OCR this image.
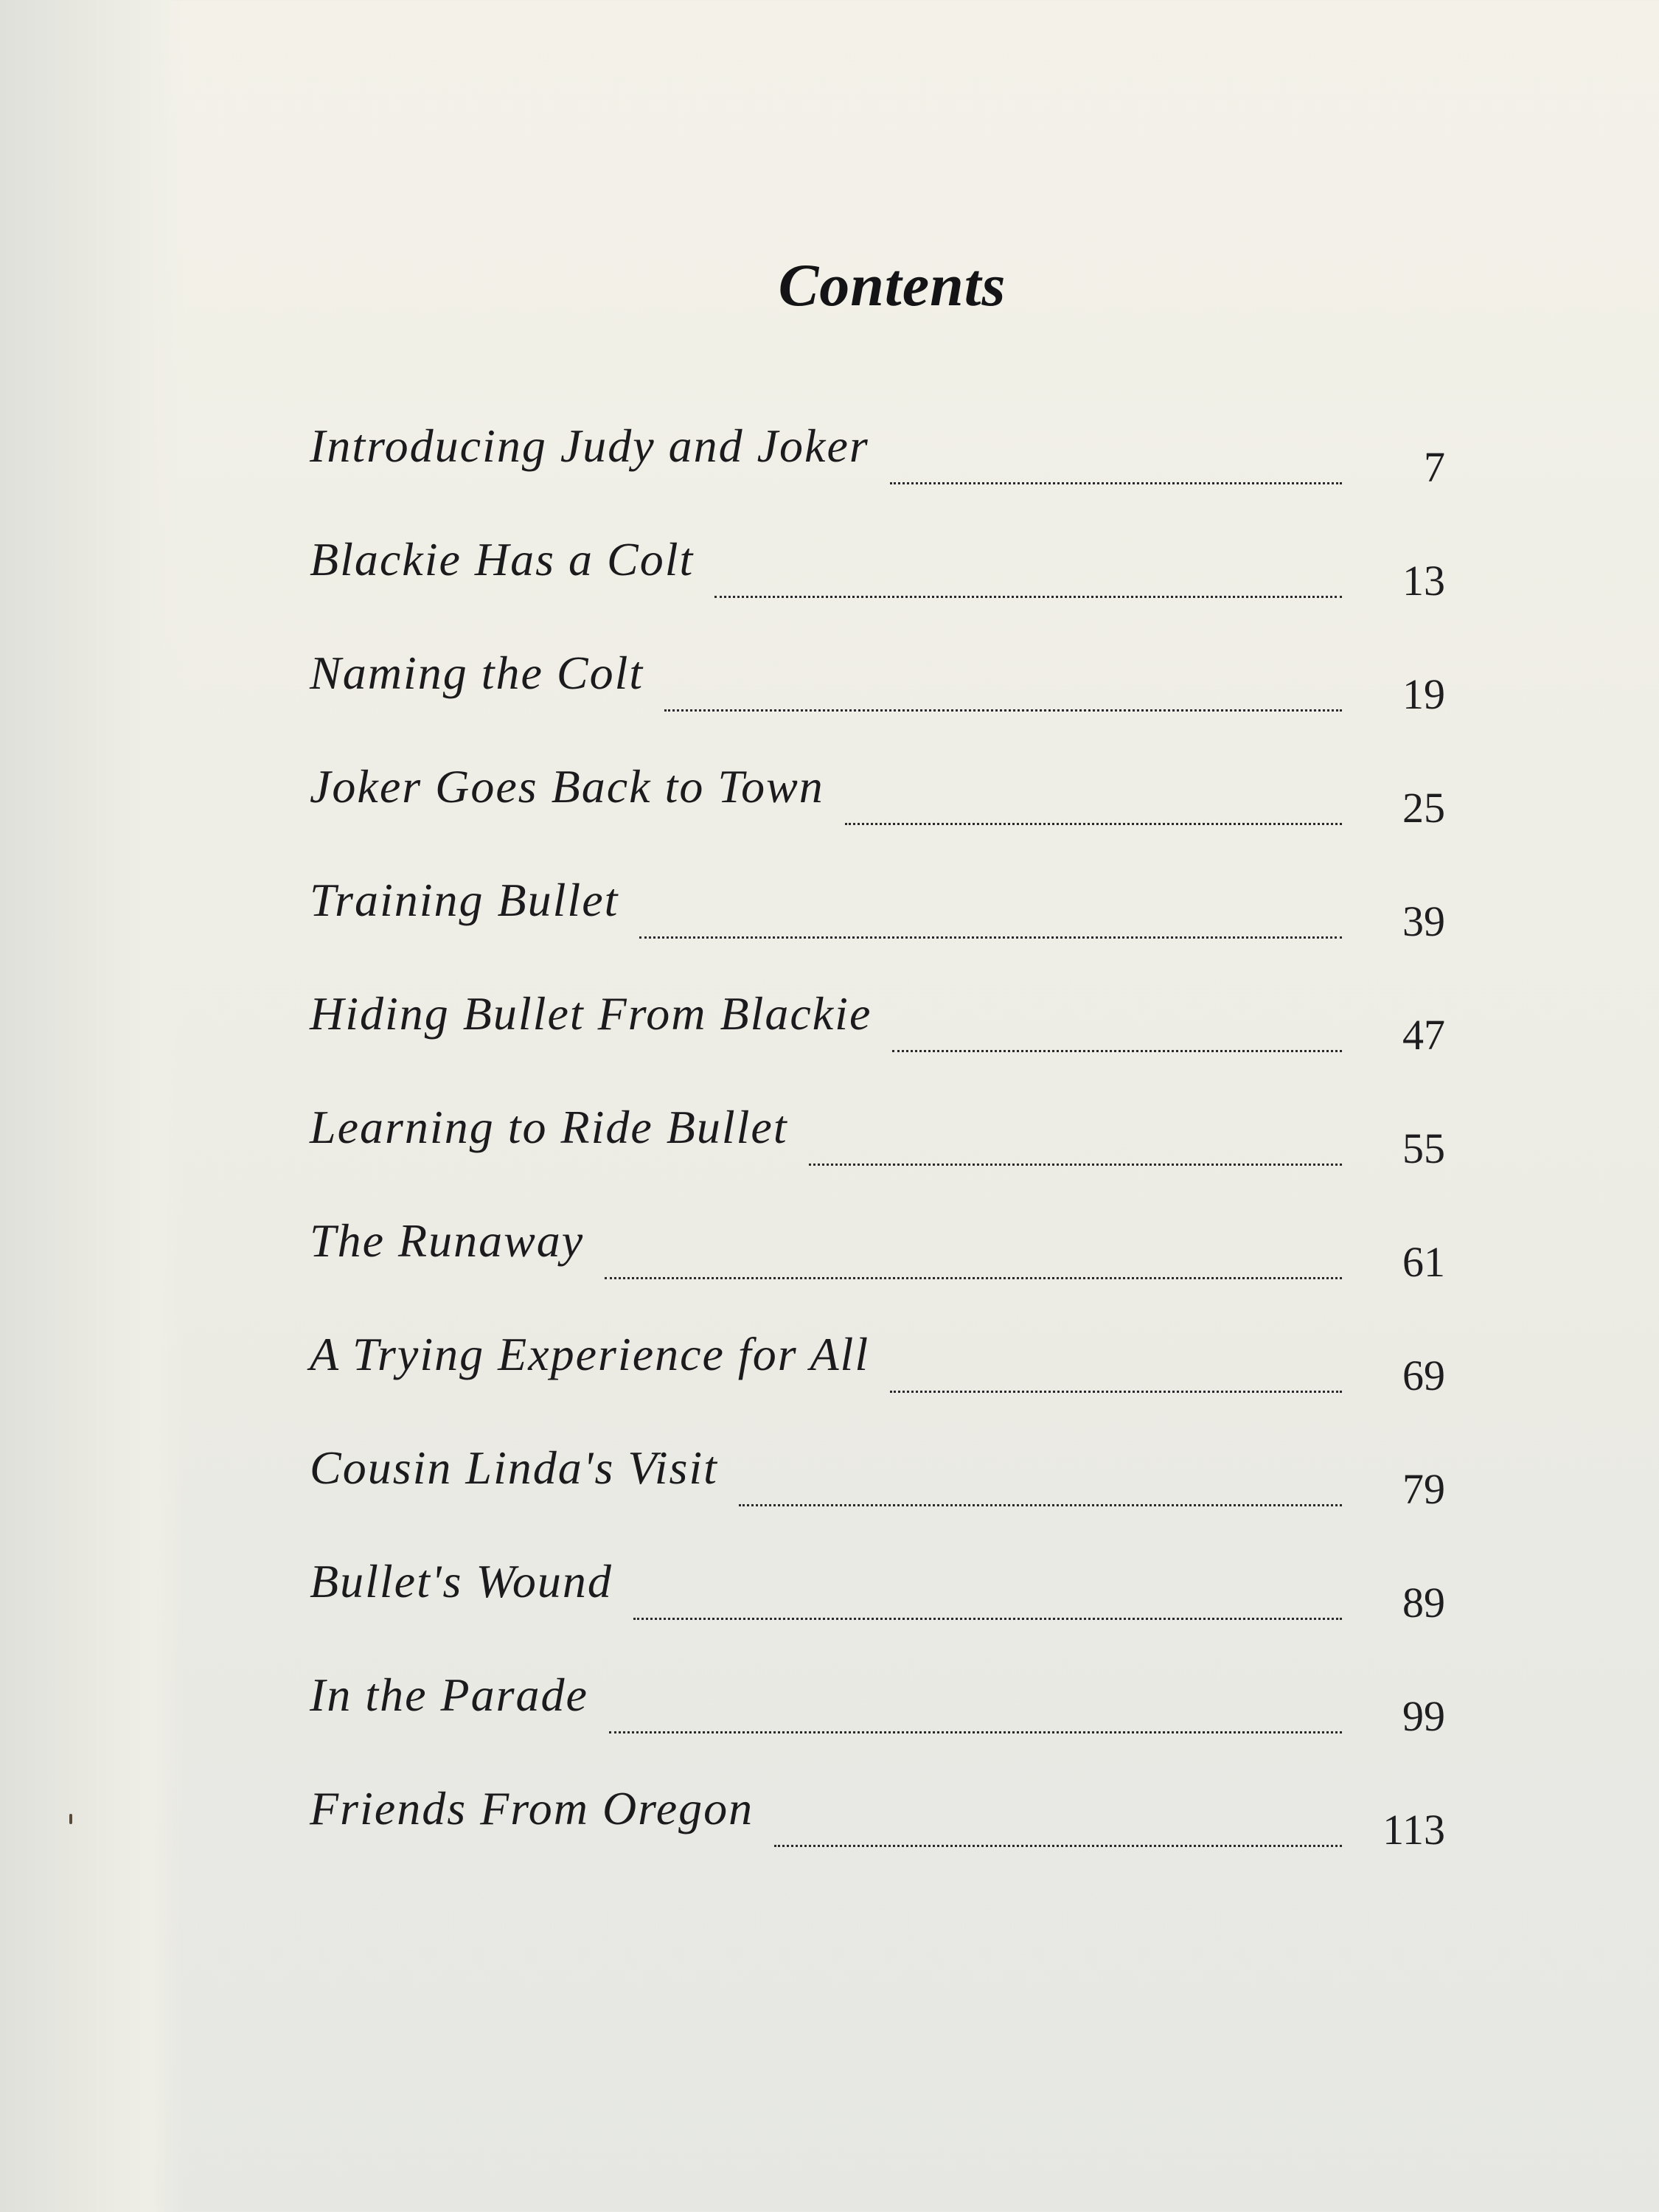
Contents
Introducing Judy and Joker	7
Blackie Has a Colt	13
Naming the Colt	19
Joker Goes Back to Town	25
Training Bullet	39
Hiding Bullet From Blackie	47
Learning to Ride Bullet	55
The Runaway	61
A Trying Experience for All	69
Cousin Linda's Visit	79
Bullet's Wound	89
In the Parade	99
Friends From Oregon	113
